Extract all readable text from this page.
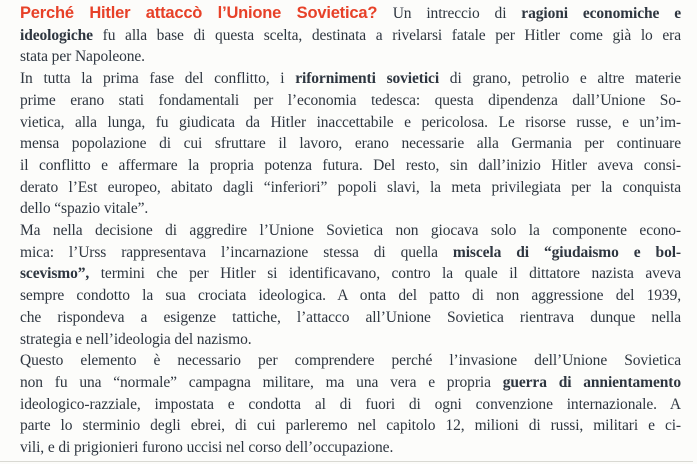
Perché Hitler attaccò l’Unione Sovietica? Un intreccio di ragioni economiche e
ideologiche fu alla base di questa scelta, destinata a rivelarsi fatale per Hitler come già lo era
stata per Napoleone.
In tutta la prima fase del conflitto, i rifornimenti sovietici di grano, petrolio e altre materie
prime erano stati fondamentali per l’economia tedesca: questa dipendenza dall’Unione So-
vietica, alla lunga, fu giudicata da Hitler inaccettabile e pericolosa. Le risorse russe, e un’im-
mensa popolazione di cui sfruttare il lavoro, erano necessarie alla Germania per continuare
il conflitto e affermare la propria potenza futura. Del resto, sin dall’inizio Hitler aveva consi-
derato l’Est europeo, abitato dagli “inferiori” popoli slavi, la meta privilegiata per la conquista
dello “spazio vitale”.
Ma nella decisione di aggredire l’Unione Sovietica non giocava solo la componente econo-
mica: l’Urss rappresentava l’incarnazione stessa di quella miscela di “giudaismo e bol-
scevismo”, termini che per Hitler si identificavano, contro la quale il dittatore nazista aveva
sempre condotto la sua crociata ideologica. A onta del patto di non aggressione del 1939,
che rispondeva a esigenze tattiche, l’attacco all’Unione Sovietica rientrava dunque nella
strategia e nell’ideologia del nazismo.
Questo elemento è necessario per comprendere perché l’invasione dell’Unione Sovietica
non fu una “normale” campagna militare, ma una vera e propria guerra di annientamento
ideologico-razziale, impostata e condotta al di fuori di ogni convenzione internazionale. A
parte lo sterminio degli ebrei, di cui parleremo nel capitolo 12, milioni di russi, militari e ci-
vili, e di prigionieri furono uccisi nel corso dell’occupazione.
